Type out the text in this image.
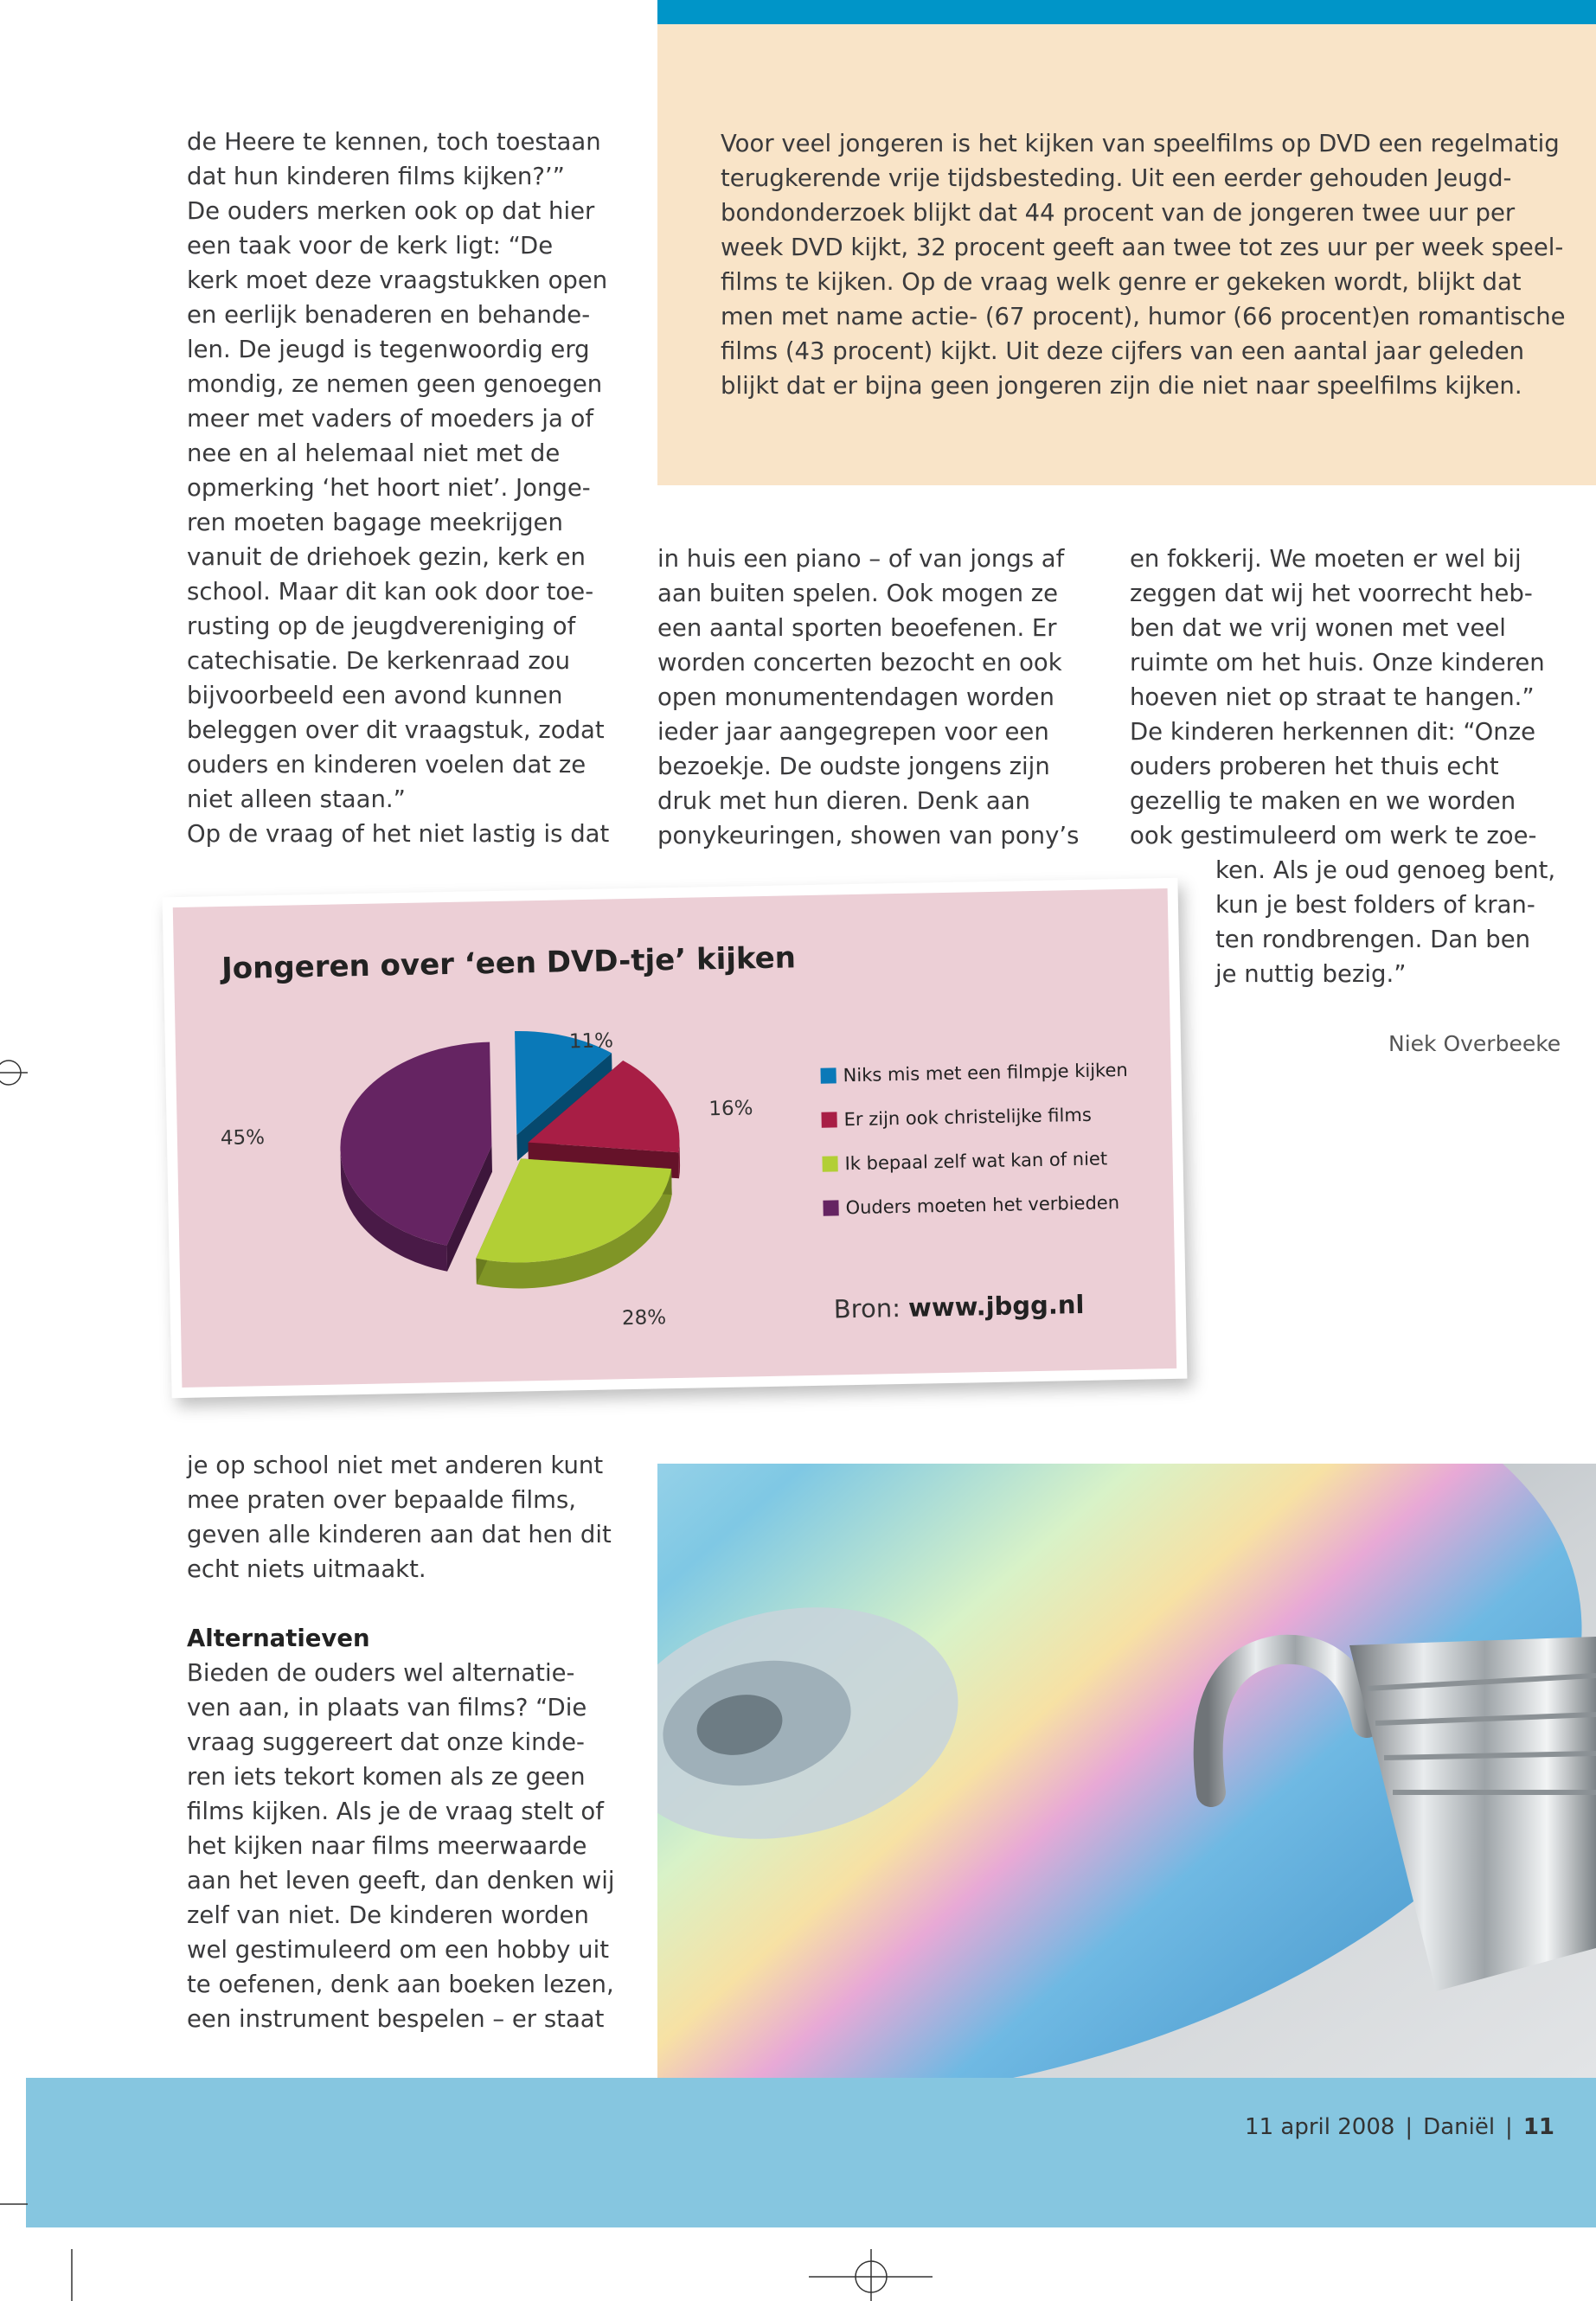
de Heere te kennen, toch toestaan
dat hun kinderen films kijken?’”
De ouders merken ook op dat hier
een taak voor de kerk ligt: “De
kerk moet deze vraagstukken open
en eerlijk benaderen en behande-
len. De jeugd is tegenwoordig erg
mondig, ze nemen geen genoegen
meer met vaders of moeders ja of
nee en al helemaal niet met de
opmerking ‘het hoort niet’. Jonge-
ren moeten bagage meekrijgen
vanuit de driehoek gezin, kerk en
school. Maar dit kan ook door toe-
rusting op de jeugdvereniging of
catechisatie. De kerkenraad zou
bijvoorbeeld een avond kunnen
beleggen over dit vraagstuk, zodat
ouders en kinderen voelen dat ze
niet alleen staan.”
Op de vraag of het niet lastig is dat
Voor veel jongeren is het kijken van speelfilms op DVD een regelmatig
terugkerende vrije tijdsbesteding. Uit een eerder gehouden Jeugd-
bondonderzoek blijkt dat 44 procent van de jongeren twee uur per
week DVD kijkt, 32 procent geeft aan twee tot zes uur per week speel-
films te kijken. Op de vraag welk genre er gekeken wordt, blijkt dat
men met name actie- (67 procent), humor (66 procent)en romantische
films (43 procent) kijkt. Uit deze cijfers van een aantal jaar geleden
blijkt dat er bijna geen jongeren zijn die niet naar speelfilms kijken.
in huis een piano – of van jongs af
aan buiten spelen. Ook mogen ze
een aantal sporten beoefenen. Er
worden concerten bezocht en ook
open monumentendagen worden
ieder jaar aangegrepen voor een
bezoekje. De oudste jongens zijn
druk met hun dieren. Denk aan
ponykeuringen, showen van pony’s
en fokkerij. We moeten er wel bij
zeggen dat wij het voorrecht heb-
ben dat we vrij wonen met veel
ruimte om het huis. Onze kinderen
hoeven niet op straat te hangen.”
De kinderen herkennen dit: “Onze
ouders proberen het thuis echt
gezellig te maken en we worden
ook gestimuleerd om werk te zoe-
ken. Als je oud genoeg bent,
kun je best folders of kran-
ten rondbrengen. Dan ben
je nuttig bezig.”
Niek Overbeeke
Jongeren over ‘een DVD-tje’ kijken
11%
16%
28%
45%
Niks mis met een filmpje kijken
Er zijn ook christelijke films
Ik bepaal zelf wat kan of niet
Ouders moeten het verbieden
Bron: www.jbgg.nl
je op school niet met anderen kunt
mee praten over bepaalde films,
geven alle kinderen aan dat hen dit
echt niets uitmaakt.
Alternatieven
Bieden de ouders wel alternatie-
ven aan, in plaats van films? “Die
vraag suggereert dat onze kinde-
ren iets tekort komen als ze geen
films kijken. Als je de vraag stelt of
het kijken naar films meerwaarde
aan het leven geeft, dan denken wij
zelf van niet. De kinderen worden
wel gestimuleerd om een hobby uit
te oefenen, denk aan boeken lezen,
een instrument bespelen – er staat
11 april 2008 | Daniël | 11
